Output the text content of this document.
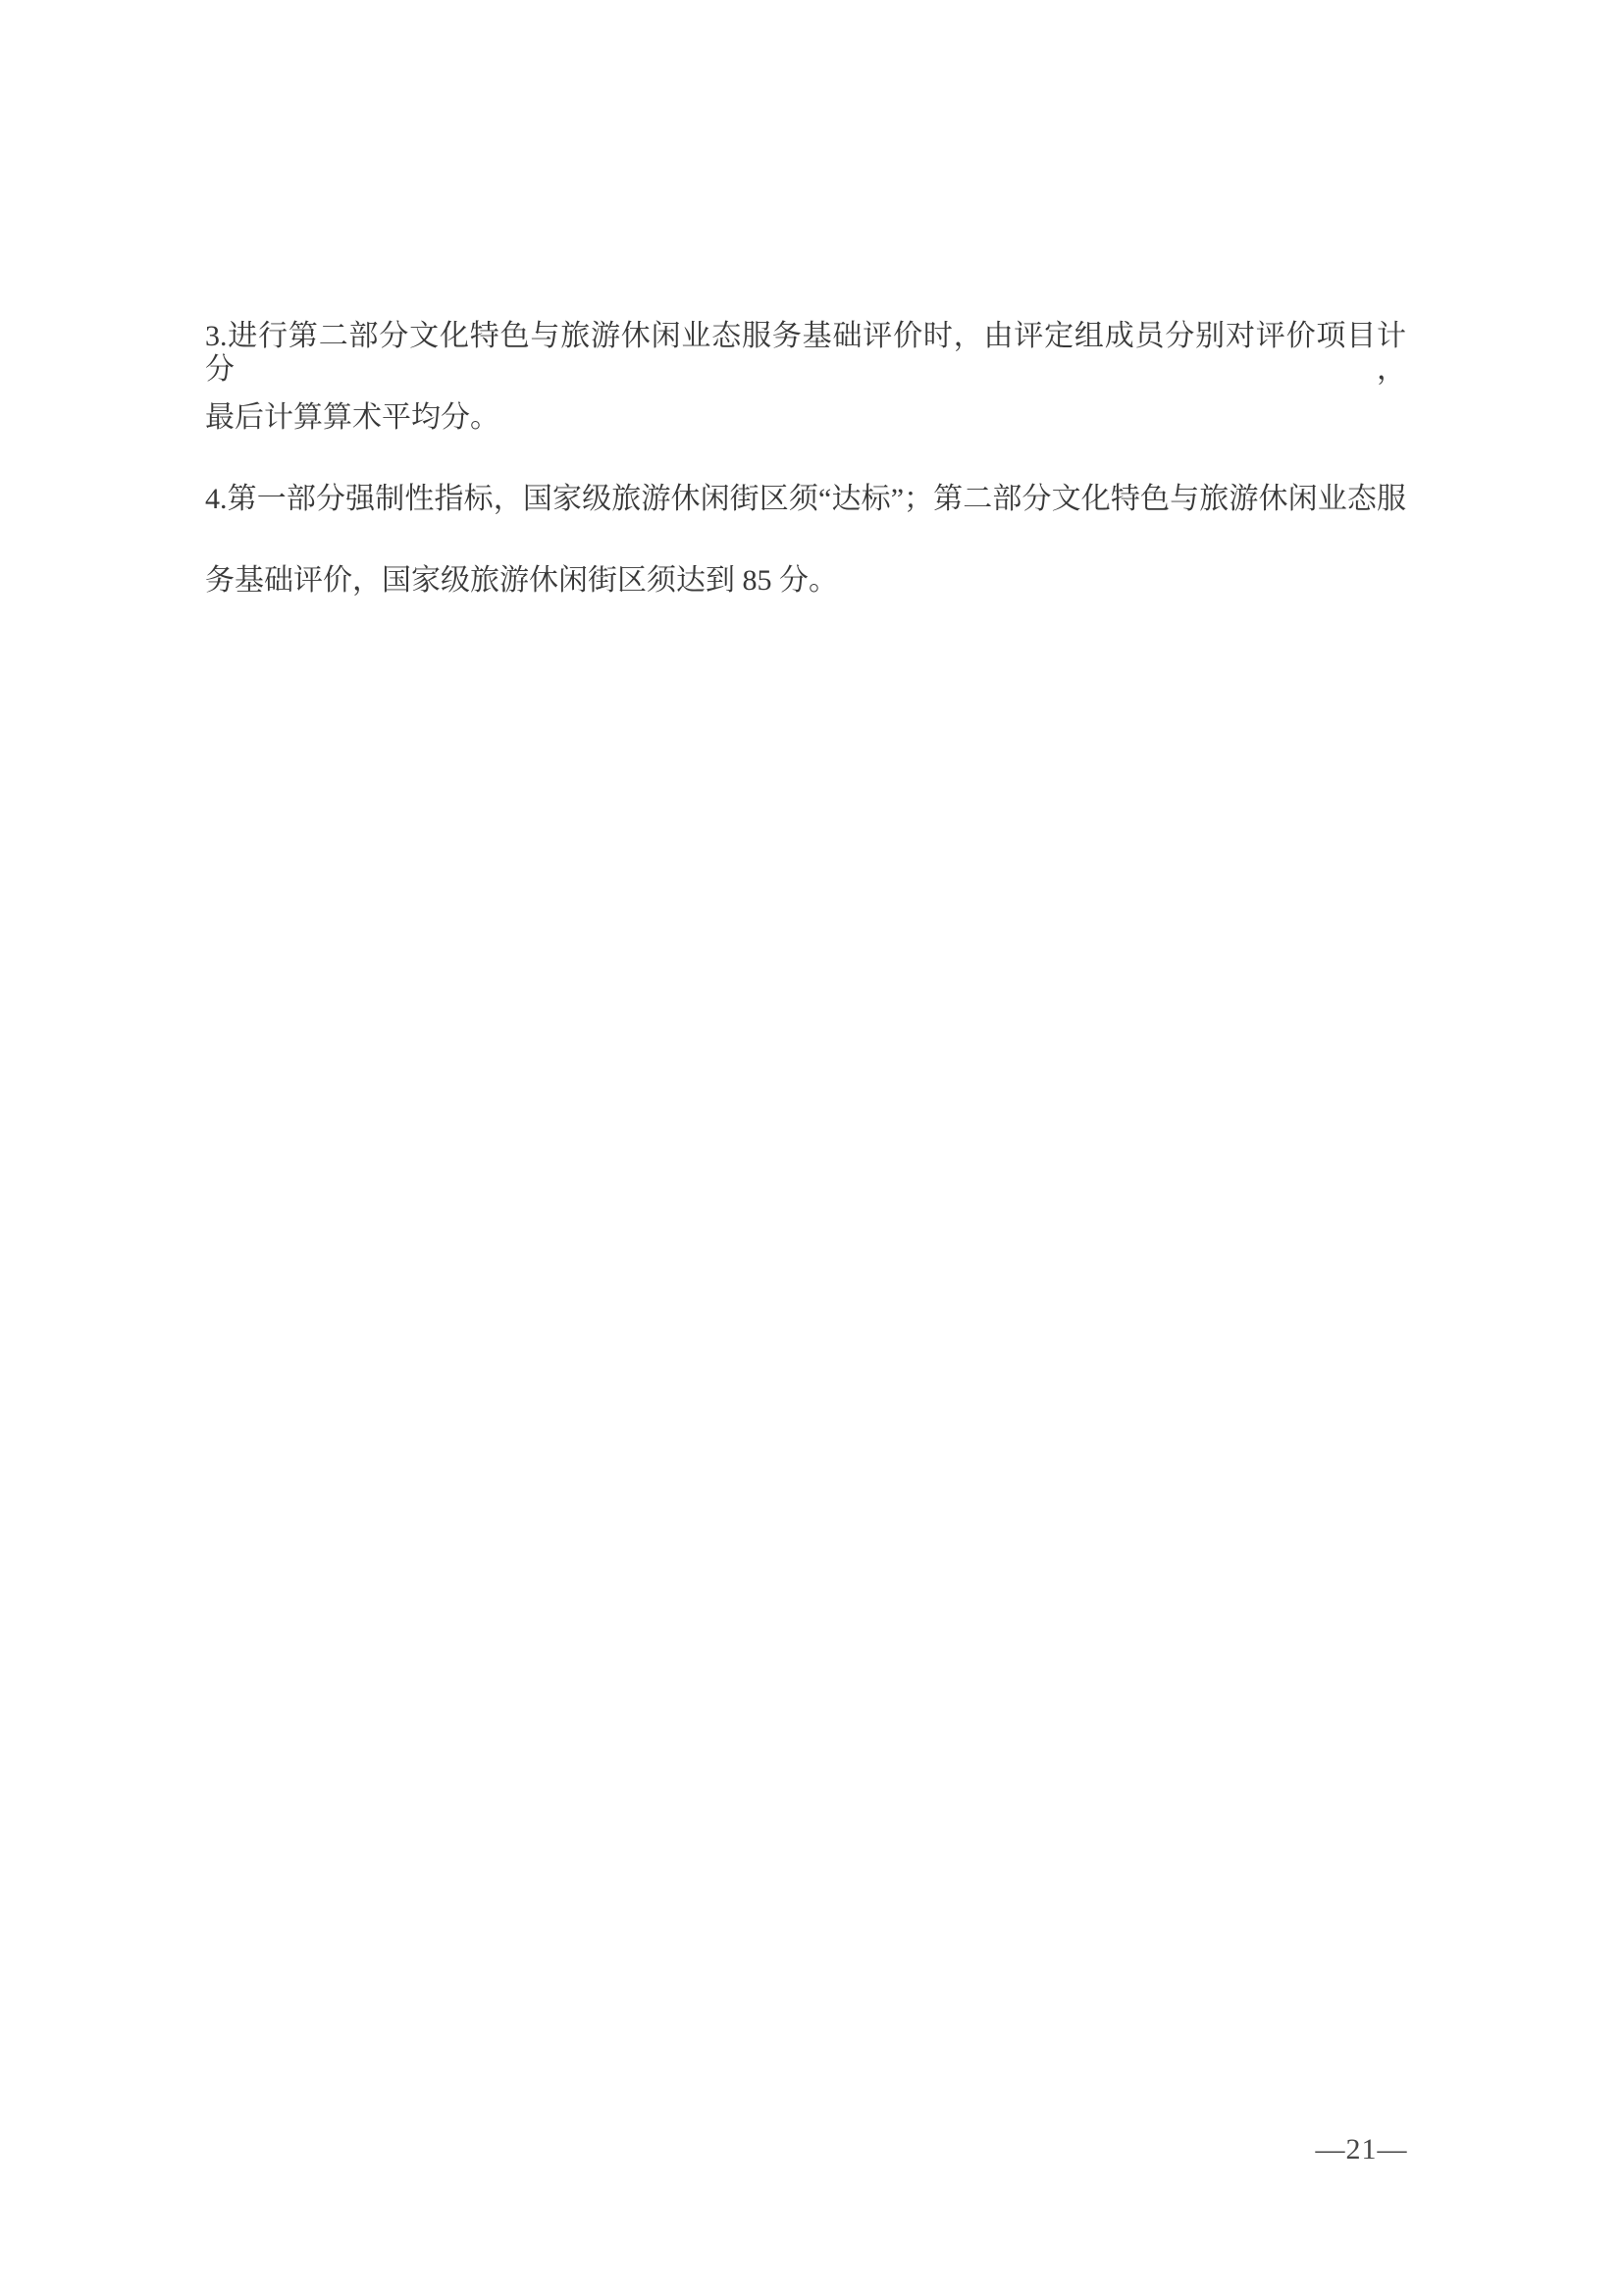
3.进行第二部分文化特色与旅游休闲业态服务基础评价时，由评定组成员分别对评价项目计分，
最后计算算术平均分。
4.第一部分强制性指标，国家级旅游休闲街区须“达标”；第二部分文化特色与旅游休闲业态服
务基础评价，国家级旅游休闲街区须达到 85 分。
—21—
